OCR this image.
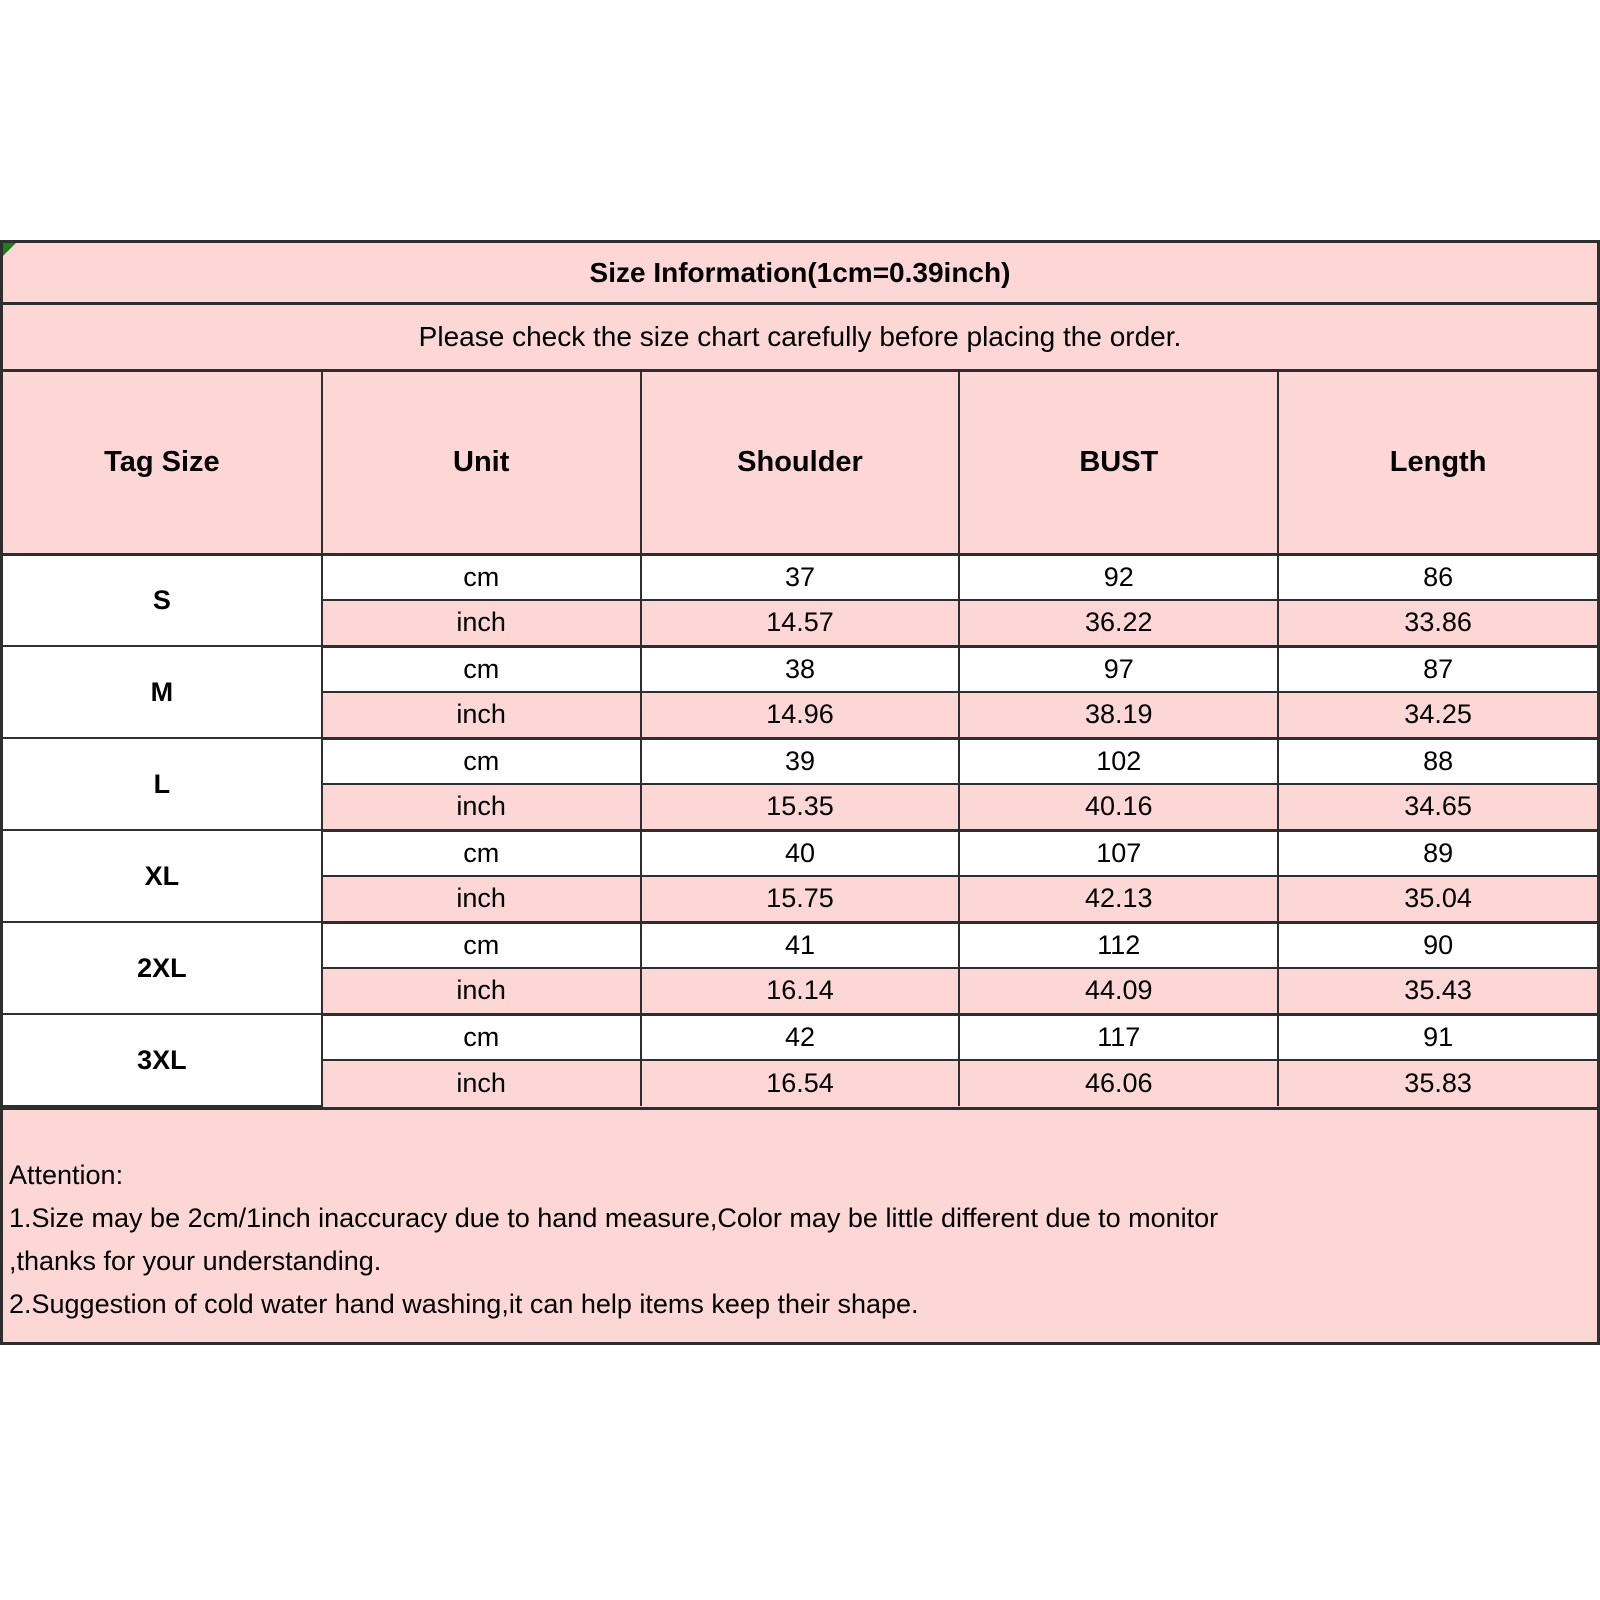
Size Information(1cm=0.39inch)
Please check the size chart carefully before placing the order.
Tag Size	Unit	Shoulder	BUST	Length
S	cm	37	92	86
	inch	14.57	36.22	33.86
M	cm	38	97	87
	inch	14.96	38.19	34.25
L	cm	39	102	88
	inch	15.35	40.16	34.65
XL	cm	40	107	89
	inch	15.75	42.13	35.04
2XL	cm	41	112	90
	inch	16.14	44.09	35.43
3XL	cm	42	117	91
	inch	16.54	46.06	35.83
Attention:
1.Size may be 2cm/1inch inaccuracy due to hand measure,Color may be little different due to monitor
,thanks for your understanding.
2.Suggestion of cold water hand washing,it can help items keep their shape.
